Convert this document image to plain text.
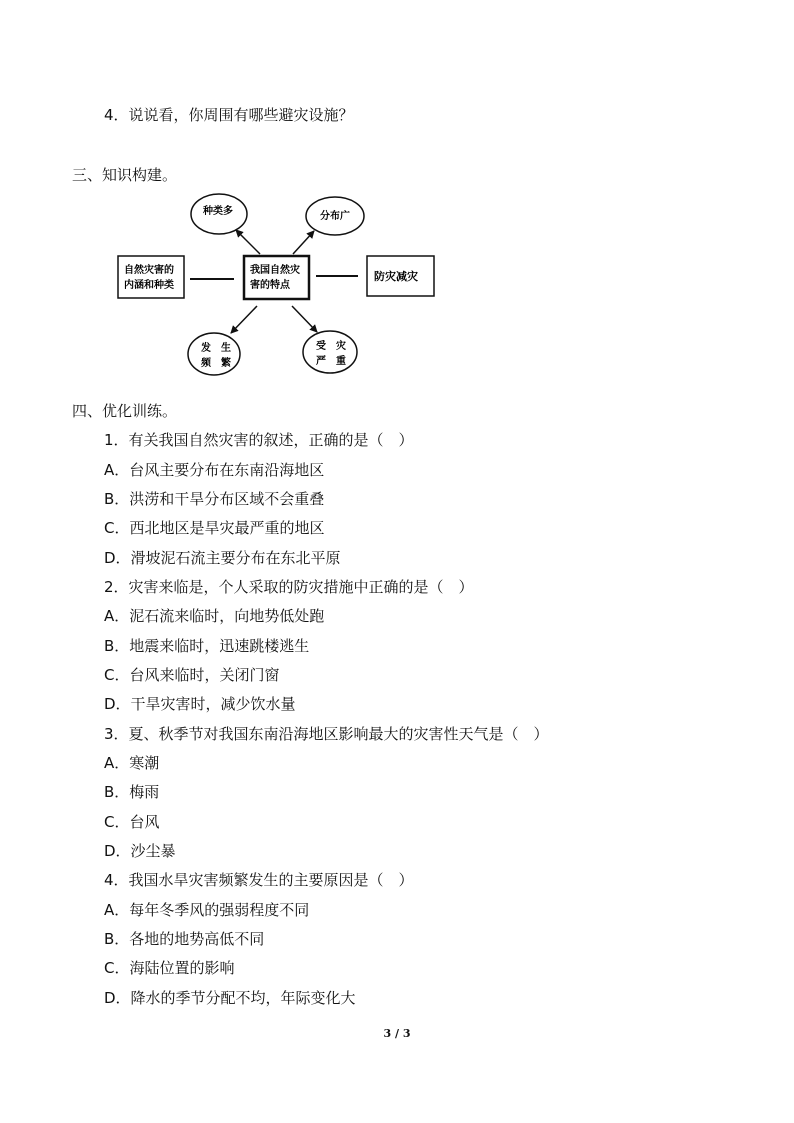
4．说说看，你周围有哪些避灾设施？
三、知识构建。
自然灾害的
内涵和种类
我国自然灾
害的特点
防灾减灾
种类多	分布广
发　生
频　繁
受　灾
严　重
四、优化训练。
1．有关我国自然灾害的叙述，正确的是（　）
A．台风主要分布在东南沿海地区
B．洪涝和干旱分布区域不会重叠
C．西北地区是旱灾最严重的地区
D．滑坡泥石流主要分布在东北平原
2．灾害来临是，个人采取的防灾措施中正确的是（　）
A．泥石流来临时，向地势低处跑
B．地震来临时，迅速跳楼逃生
C．台风来临时，关闭门窗
D．干旱灾害时，减少饮水量
3．夏、秋季节对我国东南沿海地区影响最大的灾害性天气是（　）
A．寒潮
B．梅雨
C．台风
D．沙尘暴
4．我国水旱灾害频繁发生的主要原因是（　）
A．每年冬季风的强弱程度不同
B．各地的地势高低不同
C．海陆位置的影响
D．降水的季节分配不均，年际变化大
3 / 3
